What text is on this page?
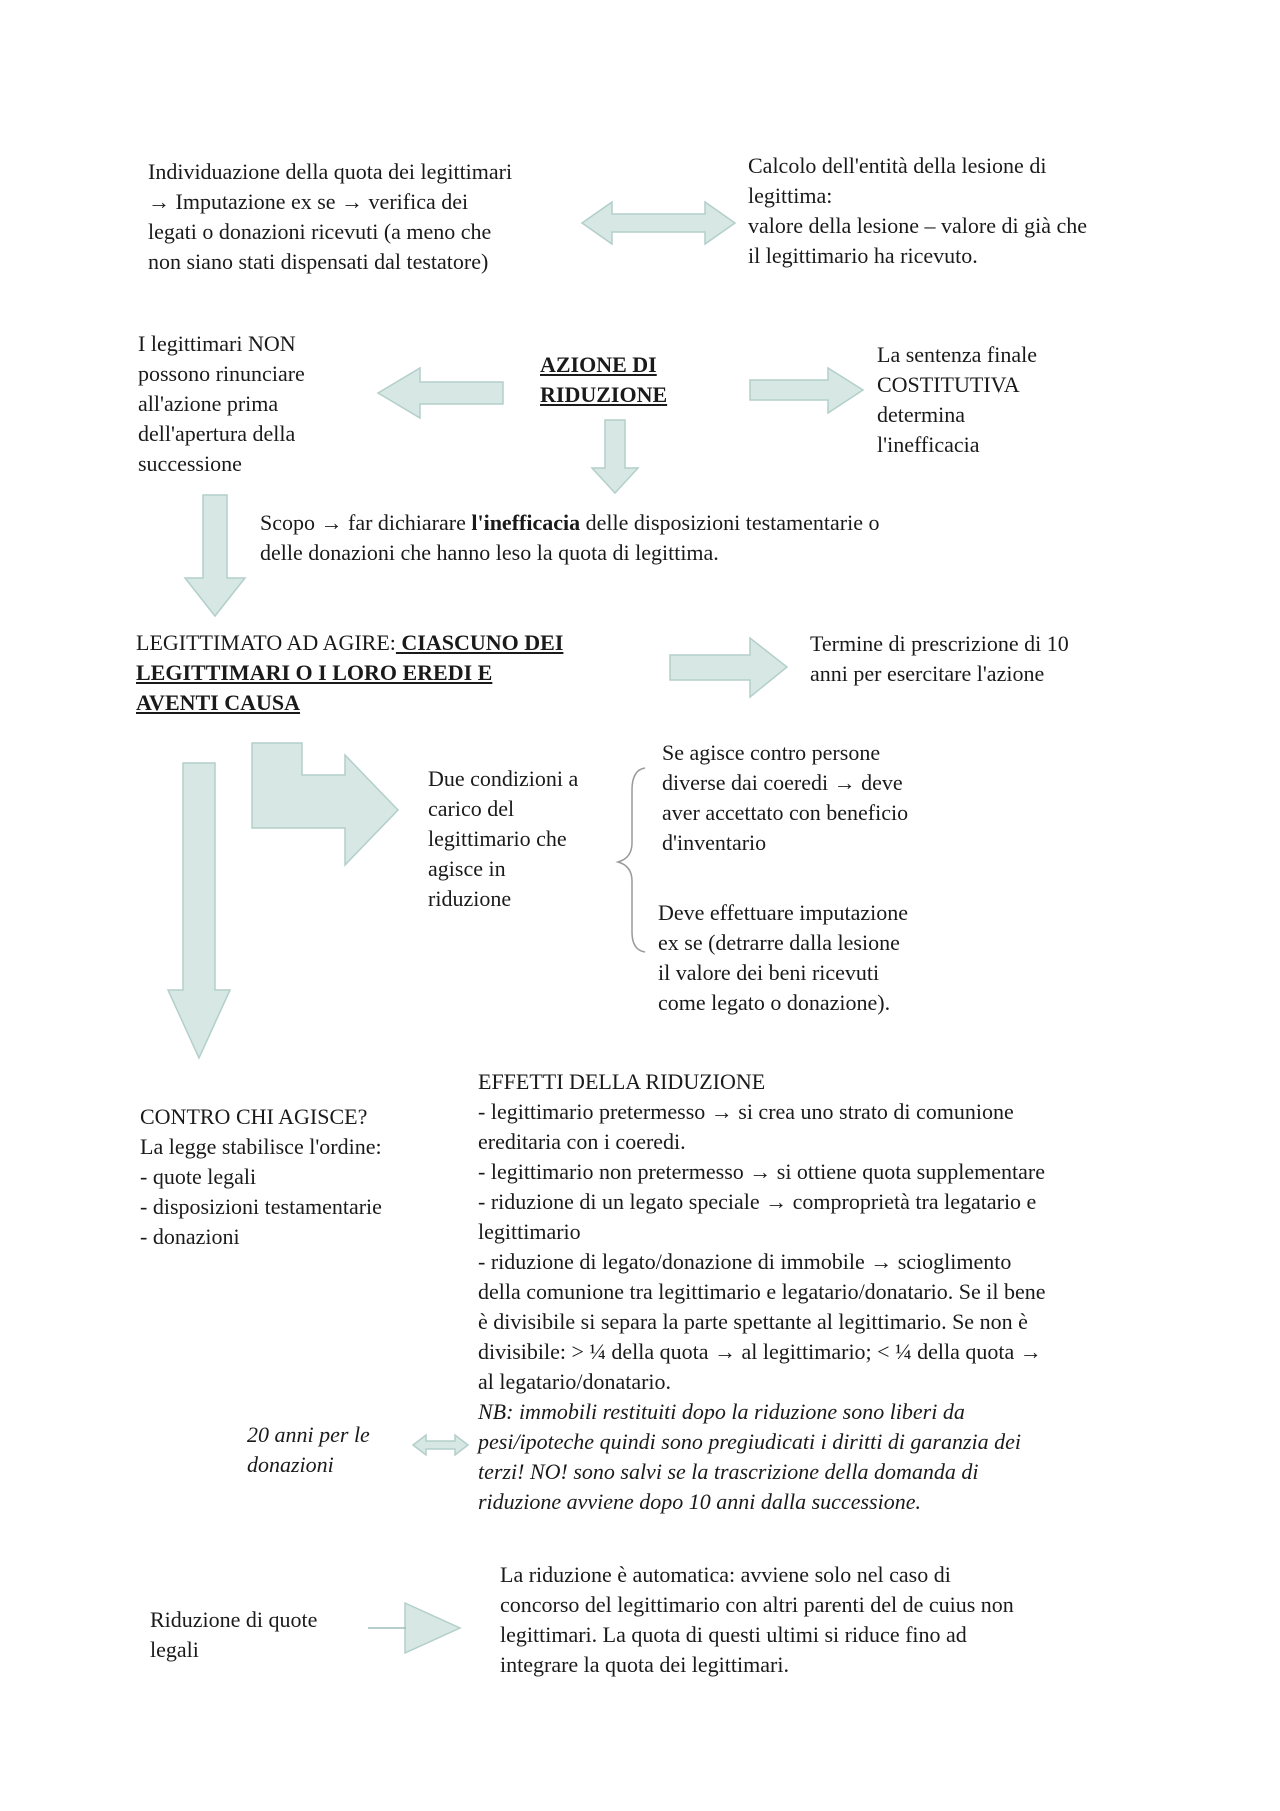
Individuazione della quota dei legittimari
→ Imputazione ex se → verifica dei
legati o donazioni ricevuti (a meno che
non siano stati dispensati dal testatore)
Calcolo dell'entità della lesione di
legittima:
valore della lesione – valore di già che
il legittimario ha ricevuto.
I legittimari NON
possono rinunciare
all'azione prima
dell'apertura della
successione
AZIONE DI
RIDUZIONE
La sentenza finale
COSTITUTIVA
determina
l'inefficacia
Scopo → far dichiarare l'inefficacia delle disposizioni testamentarie o
delle donazioni che hanno leso la quota di legittima.
LEGITTIMATO AD AGIRE: CIASCUNO DEI
LEGITTIMARI O I LORO EREDI E
AVENTI CAUSA
Termine di prescrizione di 10
anni per esercitare l'azione
Due condizioni a
carico del
legittimario che
agisce in
riduzione
Se agisce contro persone
diverse dai coeredi → deve
aver accettato con beneficio
d'inventario
Deve effettuare imputazione
ex se (detrarre dalla lesione
il valore dei beni ricevuti
come legato o donazione).
CONTRO CHI AGISCE?
La legge stabilisce l'ordine:
- quote legali
- disposizioni testamentarie
- donazioni
EFFETTI DELLA RIDUZIONE
- legittimario pretermesso → si crea uno strato di comunione
ereditaria con i coeredi.
- legittimario non pretermesso → si ottiene quota supplementare
- riduzione di un legato speciale → comproprietà tra legatario e
legittimario
- riduzione di legato/donazione di immobile → scioglimento
della comunione tra legittimario e legatario/donatario. Se il bene
è divisibile si separa la parte spettante al legittimario. Se non è
divisibile: > ¼ della quota → al legittimario; < ¼ della quota →
al legatario/donatario.
NB: immobili restituiti dopo la riduzione sono liberi da
pesi/ipoteche quindi sono pregiudicati i diritti di garanzia dei
terzi! NO! sono salvi se la trascrizione della domanda di
riduzione avviene dopo 10 anni dalla successione.
20 anni per le
donazioni
Riduzione di quote
legali
La riduzione è automatica: avviene solo nel caso di
concorso del legittimario con altri parenti del de cuius non
legittimari. La quota di questi ultimi si riduce fino ad
integrare la quota dei legittimari.
